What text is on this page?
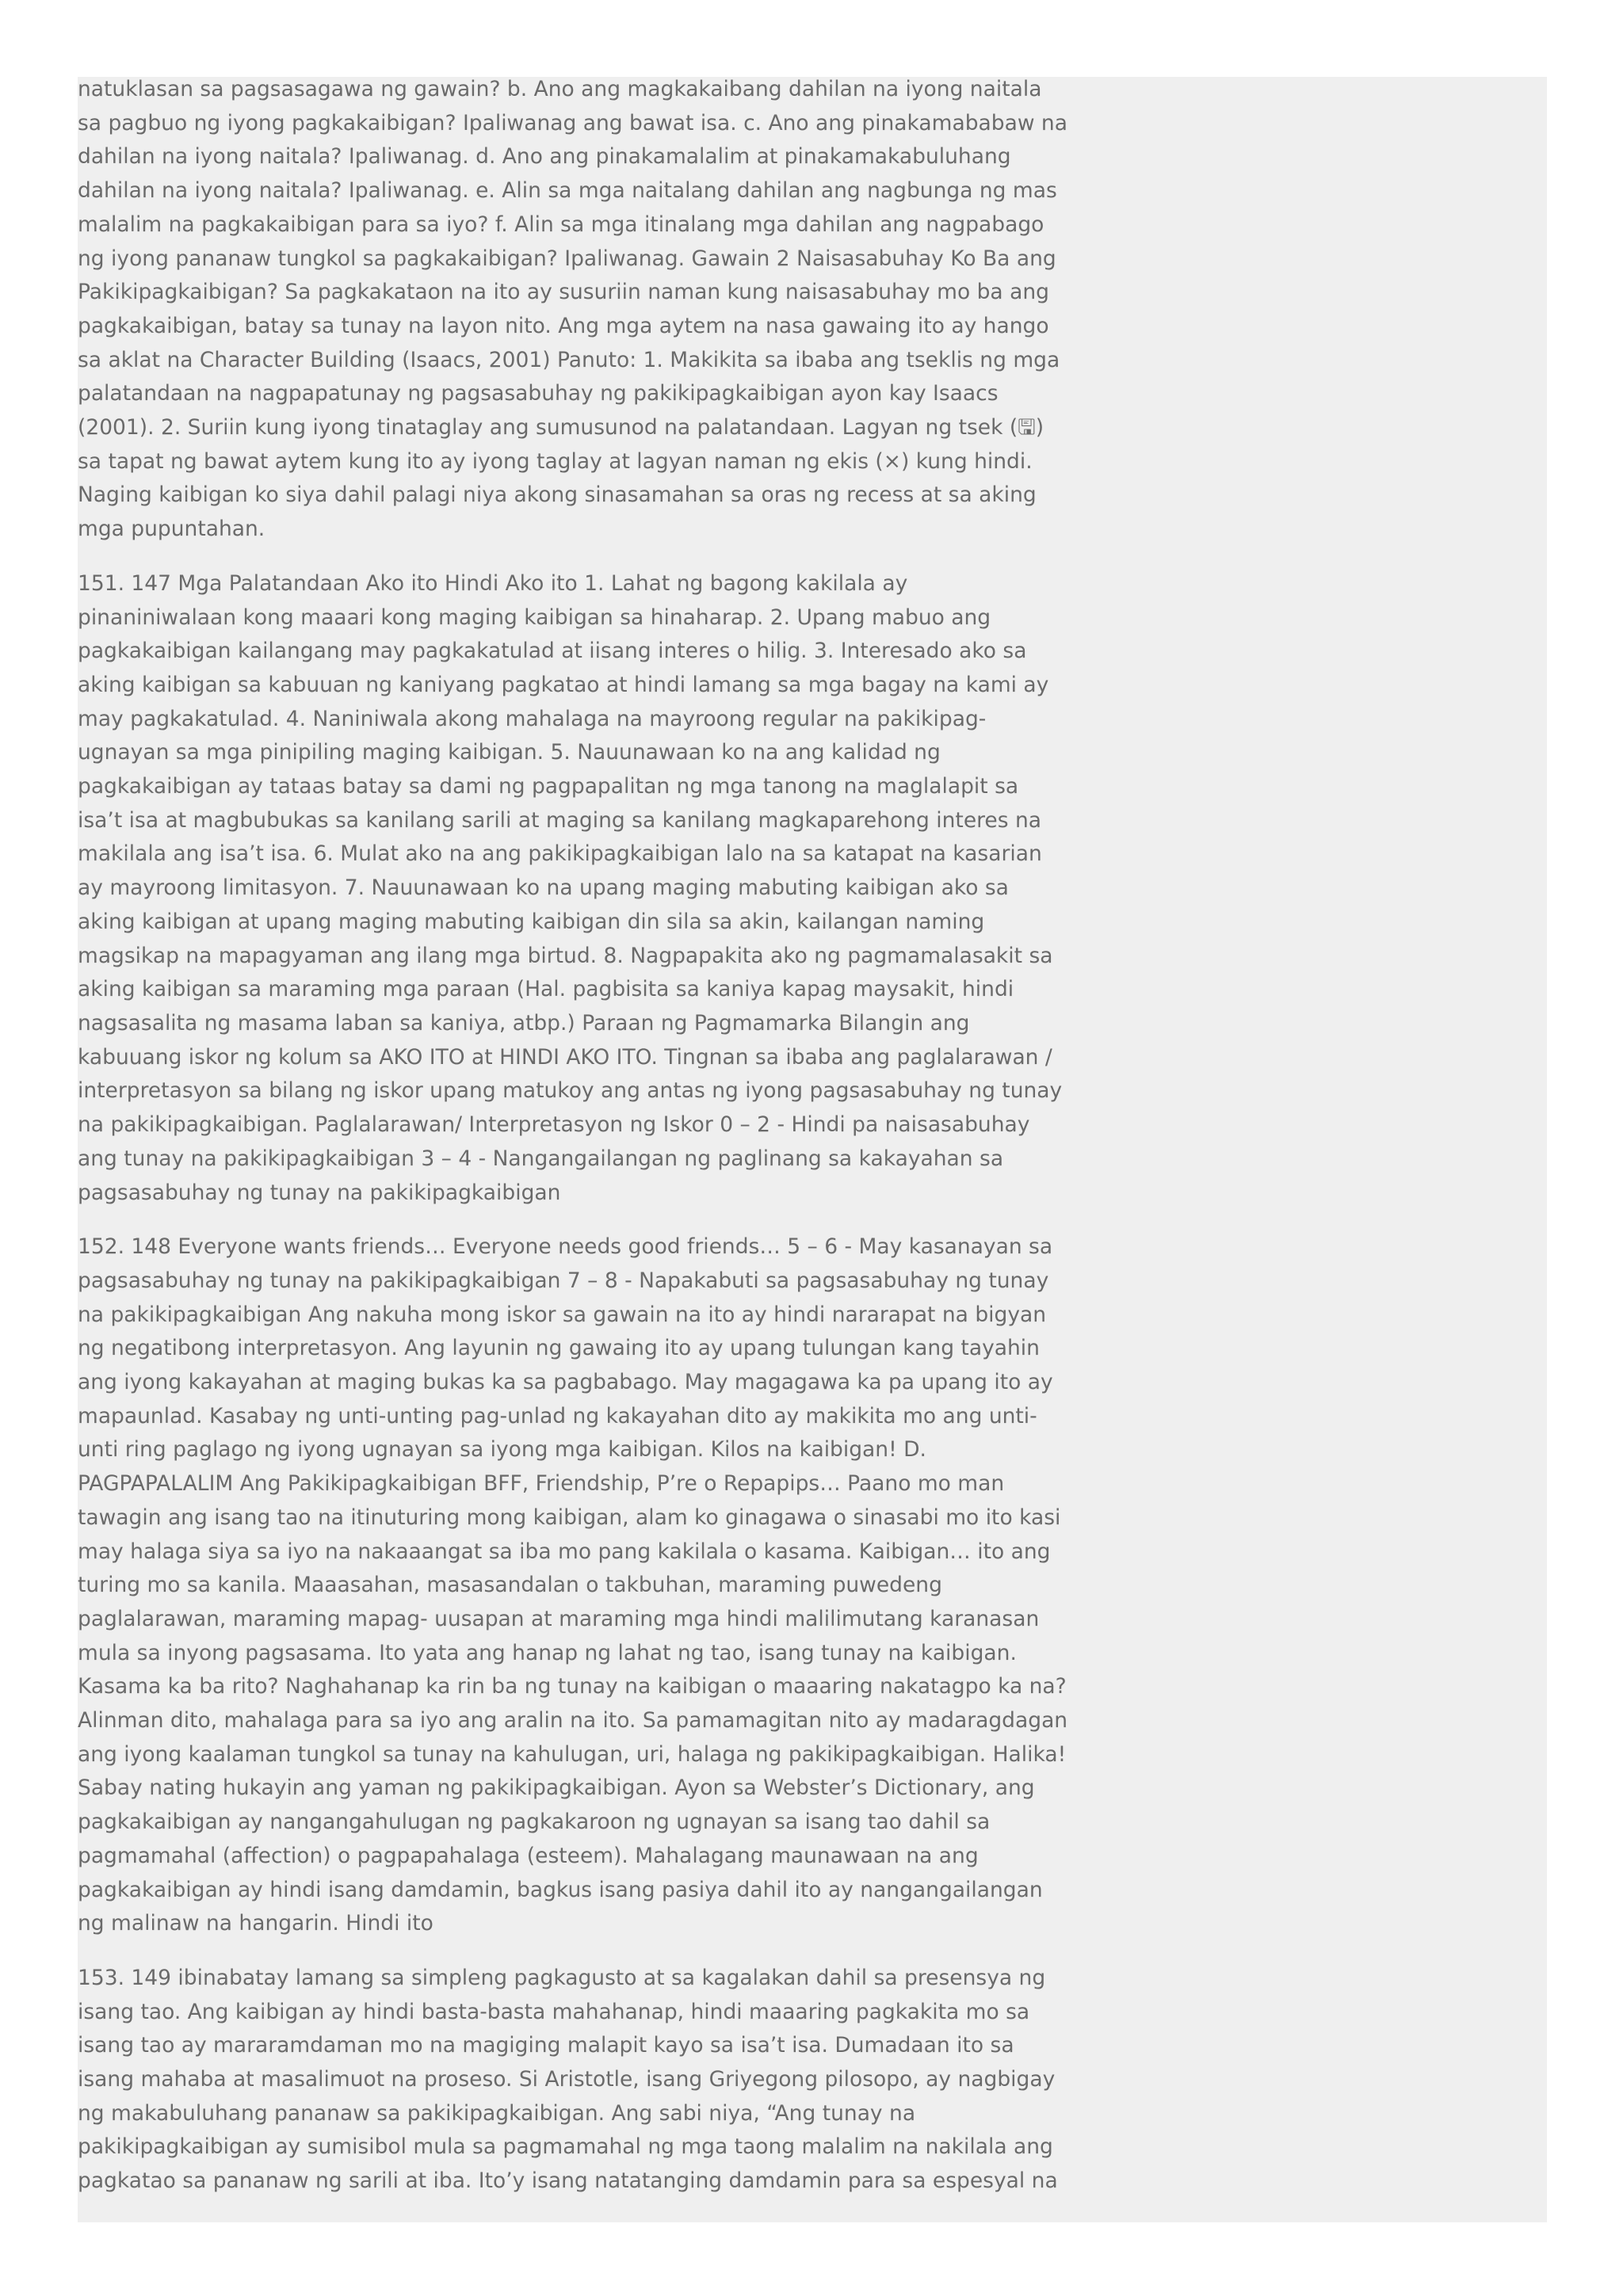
natuklasan sa pagsasagawa ng gawain? b. Ano ang magkakaibang dahilan na iyong naitala sa pagbuo ng iyong pagkakaibigan? Ipaliwanag ang bawat isa. c. Ano ang pinakamababaw na dahilan na iyong naitala? Ipaliwanag. d. Ano ang pinakamalalim at pinakamakabuluhang dahilan na iyong naitala? Ipaliwanag. e. Alin sa mga naitalang dahilan ang nagbunga ng mas malalim na pagkakaibigan para sa iyo? f. Alin sa mga itinalang mga dahilan ang nagpabago ng iyong pananaw tungkol sa pagkakaibigan? Ipaliwanag. Gawain 2 Naisasabuhay Ko Ba ang Pakikipagkaibigan? Sa pagkakataon na ito ay susuriin naman kung naisasabuhay mo ba ang pagkakaibigan, batay sa tunay na layon nito. Ang mga aytem na nasa gawaing ito ay hango sa aklat na Character Building (Isaacs, 2001) Panuto: 1. Makikita sa ibaba ang tseklis ng mga palatandaan na nagpapatunay ng pagsasabuhay ng pakikipagkaibigan ayon kay Isaacs (2001). 2. Suriin kung iyong tinataglay ang sumusunod na palatandaan. Lagyan ng tsek (🖫) sa tapat ng bawat aytem kung ito ay iyong taglay at lagyan naman ng ekis (×) kung hindi. Naging kaibigan ko siya dahil palagi niya akong sinasamahan sa oras ng recess at sa aking mga pupuntahan.

151. 147 Mga Palatandaan Ako ito Hindi Ako ito 1. Lahat ng bagong kakilala ay pinaniniwalaan kong maaari kong maging kaibigan sa hinaharap. 2. Upang mabuo ang pagkakaibigan kailangang may pagkakatulad at iisang interes o hilig. 3. Interesado ako sa aking kaibigan sa kabuuan ng kaniyang pagkatao at hindi lamang sa mga bagay na kami ay may pagkakatulad. 4. Naniniwala akong mahalaga na mayroong regular na pakikipag-ugnayan sa mga pinipiling maging kaibigan. 5. Nauunawaan ko na ang kalidad ng pagkakaibigan ay tataas batay sa dami ng pagpapalitan ng mga tanong na maglalapit sa isa’t isa at magbubukas sa kanilang sarili at maging sa kanilang magkaparehong interes na makilala ang isa’t isa. 6. Mulat ako na ang pakikipagkaibigan lalo na sa katapat na kasarian ay mayroong limitasyon. 7. Nauunawaan ko na upang maging mabuting kaibigan ako sa aking kaibigan at upang maging mabuting kaibigan din sila sa akin, kailangan naming magsikap na mapagyaman ang ilang mga birtud. 8. Nagpapakita ako ng pagmamalasakit sa aking kaibigan sa maraming mga paraan (Hal. pagbisita sa kaniya kapag maysakit, hindi nagsasalita ng masama laban sa kaniya, atbp.) Paraan ng Pagmamarka Bilangin ang kabuuang iskor ng kolum sa AKO ITO at HINDI AKO ITO. Tingnan sa ibaba ang paglalarawan / interpretasyon sa bilang ng iskor upang matukoy ang antas ng iyong pagsasabuhay ng tunay na pakikipagkaibigan. Paglalarawan/ Interpretasyon ng Iskor 0 – 2 - Hindi pa naisasabuhay ang tunay na pakikipagkaibigan 3 – 4 - Nangangailangan ng paglinang sa kakayahan sa pagsasabuhay ng tunay na pakikipagkaibigan

152. 148 Everyone wants friends… Everyone needs good friends… 5 – 6 - May kasanayan sa pagsasabuhay ng tunay na pakikipagkaibigan 7 – 8 - Napakabuti sa pagsasabuhay ng tunay na pakikipagkaibigan Ang nakuha mong iskor sa gawain na ito ay hindi nararapat na bigyan ng negatibong interpretasyon. Ang layunin ng gawaing ito ay upang tulungan kang tayahin ang iyong kakayahan at maging bukas ka sa pagbabago. May magagawa ka pa upang ito ay mapaunlad. Kasabay ng unti-unting pag-unlad ng kakayahan dito ay makikita mo ang unti-unti ring paglago ng iyong ugnayan sa iyong mga kaibigan. Kilos na kaibigan! D. PAGPAPALALIM Ang Pakikipagkaibigan BFF, Friendship, P’re o Repapips… Paano mo man tawagin ang isang tao na itinuturing mong kaibigan, alam ko ginagawa o sinasabi mo ito kasi may halaga siya sa iyo na nakaaangat sa iba mo pang kakilala o kasama. Kaibigan… ito ang turing mo sa kanila. Maaasahan, masasandalan o takbuhan, maraming puwedeng paglalarawan, maraming mapag- uusapan at maraming mga hindi malilimutang karanasan mula sa inyong pagsasama. Ito yata ang hanap ng lahat ng tao, isang tunay na kaibigan. Kasama ka ba rito? Naghahanap ka rin ba ng tunay na kaibigan o maaaring nakatagpo ka na? Alinman dito, mahalaga para sa iyo ang aralin na ito. Sa pamamagitan nito ay madaragdagan ang iyong kaalaman tungkol sa tunay na kahulugan, uri, halaga ng pakikipagkaibigan. Halika! Sabay nating hukayin ang yaman ng pakikipagkaibigan. Ayon sa Webster’s Dictionary, ang pagkakaibigan ay nangangahulugan ng pagkakaroon ng ugnayan sa isang tao dahil sa pagmamahal (affection) o pagpapahalaga (esteem). Mahalagang maunawaan na ang pagkakaibigan ay hindi isang damdamin, bagkus isang pasiya dahil ito ay nangangailangan ng malinaw na hangarin. Hindi ito

153. 149 ibinabatay lamang sa simpleng pagkagusto at sa kagalakan dahil sa presensya ng isang tao. Ang kaibigan ay hindi basta-basta mahahanap, hindi maaaring pagkakita mo sa isang tao ay mararamdaman mo na magiging malapit kayo sa isa’t isa. Dumadaan ito sa isang mahaba at masalimuot na proseso. Si Aristotle, isang Griyegong pilosopo, ay nagbigay ng makabuluhang pananaw sa pakikipagkaibigan. Ang sabi niya, “Ang tunay na pakikipagkaibigan ay sumisibol mula sa pagmamahal ng mga taong malalim na nakilala ang pagkatao sa pananaw ng sarili at iba. Ito’y isang natatanging damdamin para sa espesyal na
